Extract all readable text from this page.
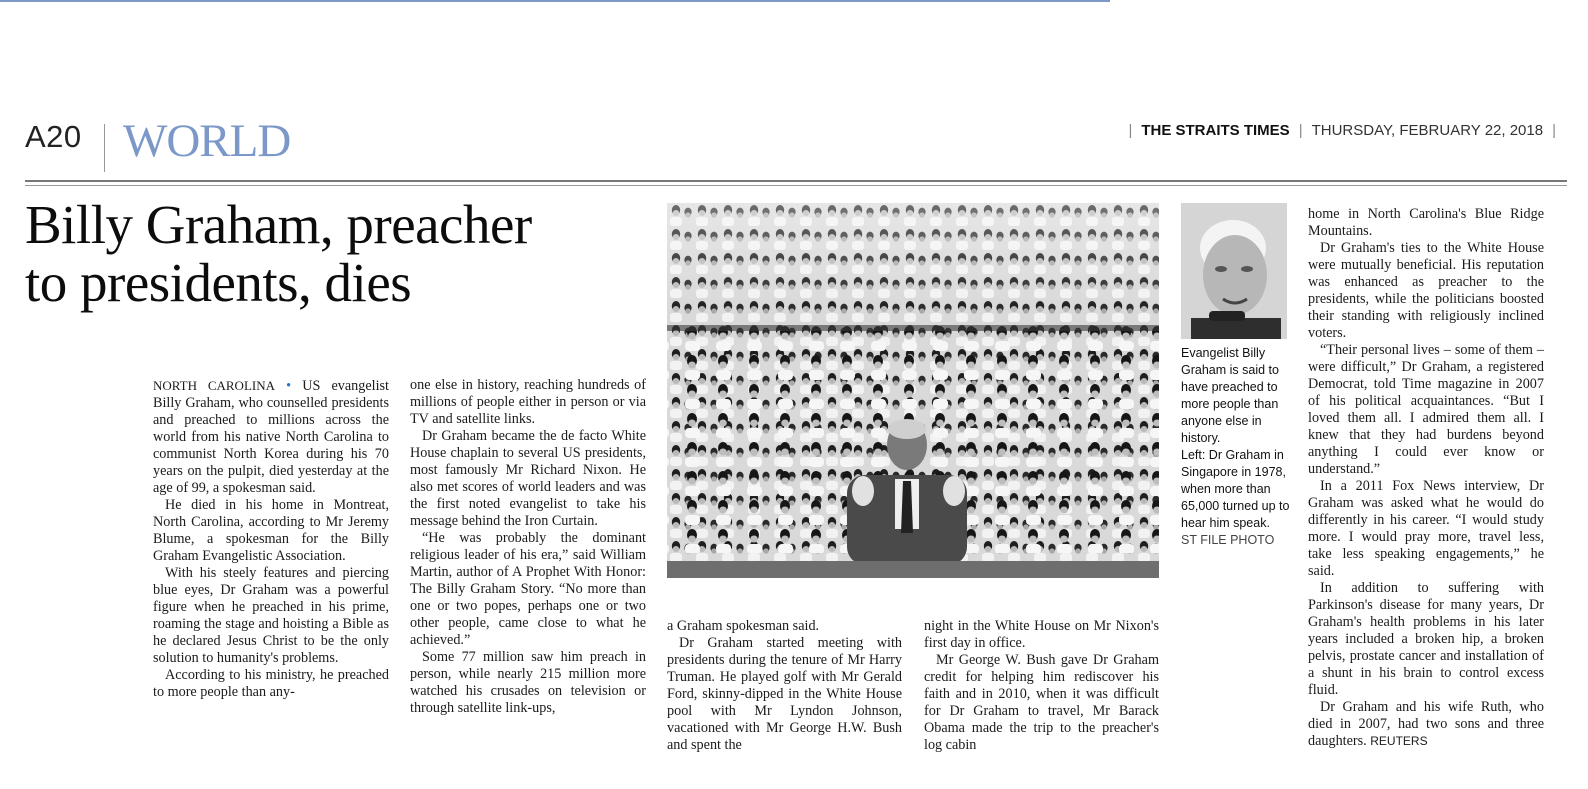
A20 WORLD	| THE STRAITS TIMES | THURSDAY, FEBRUARY 22, 2018 |
Billy Graham, preacher
to presidents, dies

NORTH CAROLINA • US evangelist Billy Graham, who counselled presidents and preached to millions across the world from his native North Carolina to communist North Korea during his 70 years on the pulpit, died yesterday at the age of 99, a spokesman said.

He died in his home in Montreat, North Carolina, according to Mr Jeremy Blume, a spokesman for the Billy Graham Evangelistic Association.

With his steely features and piercing blue eyes, Dr Graham was a powerful figure when he preached in his prime, roaming the stage and hoisting a Bible as he declared Jesus Christ to be the only solution to humanity's problems.

According to his ministry, he preached to more people than any-

one else in history, reaching hundreds of millions of people either in person or via TV and satellite links.

Dr Graham became the de facto White House chaplain to several US presidents, most famously Mr Richard Nixon. He also met scores of world leaders and was the first noted evangelist to take his message behind the Iron Curtain.

“He was probably the dominant religious leader of his era,” said William Martin, author of A Prophet With Honor: The Billy Graham Story. “No more than one or two popes, perhaps one or two other people, came close to what he achieved.”

Some 77 million saw him preach in person, while nearly 215 million more watched his crusades on television or through satellite link-ups,

Evangelist Billy Graham is said to have preached to more people than anyone else in history.
Left: Dr Graham in Singapore in 1978, when more than 65,000 turned up to hear him speak.
ST FILE PHOTO

a Graham spokesman said.

Dr Graham started meeting with presidents during the tenure of Mr Harry Truman. He played golf with Mr Gerald Ford, skinny-dipped in the White House pool with Mr Lyndon Johnson, vacationed with Mr George H.W. Bush and spent the

night in the White House on Mr Nixon's first day in office.

Mr George W. Bush gave Dr Graham credit for helping him rediscover his faith and in 2010, when it was difficult for Dr Graham to travel, Mr Barack Obama made the trip to the preacher's log cabin

home in North Carolina's Blue Ridge Mountains.

Dr Graham's ties to the White House were mutually beneficial. His reputation was enhanced as preacher to the presidents, while the politicians boosted their standing with religiously inclined voters.

“Their personal lives – some of them – were difficult,” Dr Graham, a registered Democrat, told Time magazine in 2007 of his political acquaintances. “But I loved them all. I admired them all. I knew that they had burdens beyond anything I could ever know or understand.”

In a 2011 Fox News interview, Dr Graham was asked what he would do differently in his career. “I would study more. I would pray more, travel less, take less speaking engagements,” he said.

In addition to suffering with Parkinson's disease for many years, Dr Graham's health problems in his later years included a broken hip, a broken pelvis, prostate cancer and installation of a shunt in his brain to control excess fluid.

Dr Graham and his wife Ruth, who died in 2007, had two sons and three daughters. REUTERS
